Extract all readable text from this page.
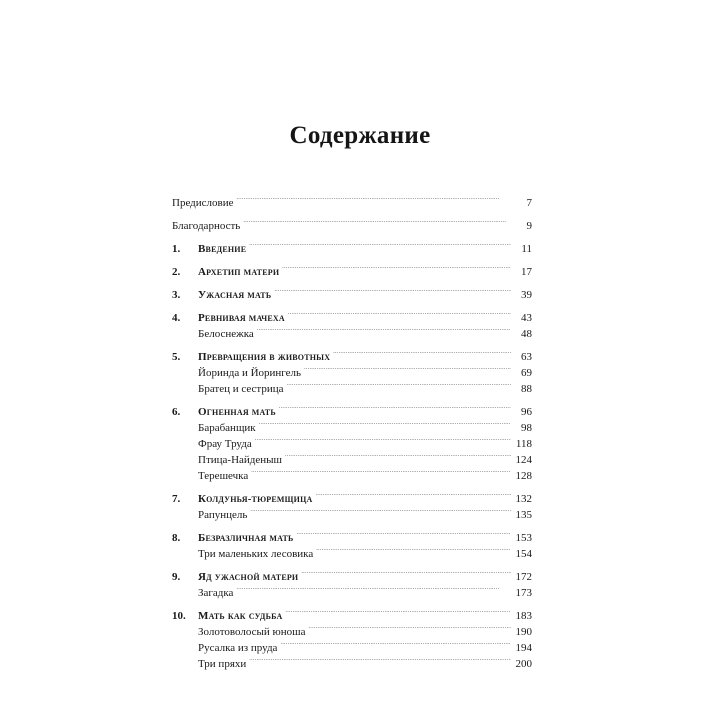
Содержание
Предисловие . . .	7
Благодарность . . .	9
1.	Введение . . .	11
2.	Архетип матери . . .	17
3.	Ужасная мать . . .	39
4.	Ревнивая мачеха . . .	43
Белоснежка . . .	48
5.	Превращения в животных . . .	63
Йоринда и Йорингель . . .	69
Братец и сестрица . . .	88
6.	Огненная мать . . .	96
Барабанщик . . .	98
Фрау Труда . . .	118
Птица-Найденыш . . .	124
Терешечка . . .	128
7.	Колдунья-тюремщица . . .	132
Рапунцель . . .	135
8.	Безразличная мать . . .	153
Три маленьких лесовика . . .	154
9.	Яд ужасной матери . . .	172
Загадка . . .	173
10.	Мать как судьба . . .	183
Золотоволосый юноша . . .	190
Русалка из пруда . . .	194
Три пряхи . . .	200
